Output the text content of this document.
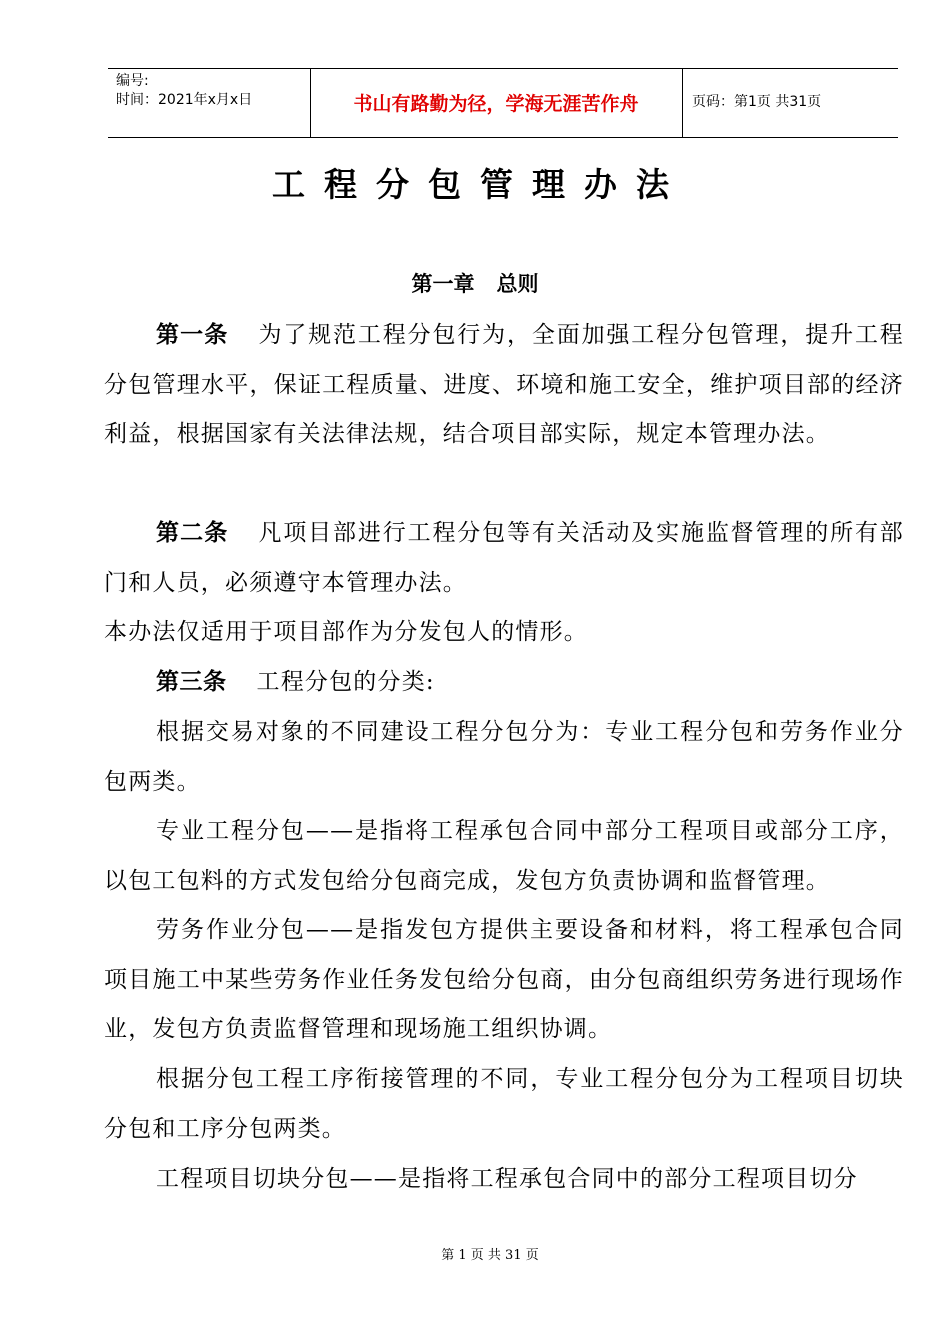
编号:
时间：2021年x月x日	书山有路勤为径，学海无涯苦作舟	页码：第1页 共31页
工程分包管理办法
第一章   总则
第一条 为了规范工程分包行为，全面加强工程分包管理，提升工程分包管理水平，保证工程质量、进度、环境和施工安全，维护项目部的经济利益，根据国家有关法律法规，结合项目部实际，规定本管理办法。
第二条 凡项目部进行工程分包等有关活动及实施监督管理的所有部门和人员，必须遵守本管理办法。
本办法仅适用于项目部作为分发包人的情形。
第三条 工程分包的分类:
根据交易对象的不同建设工程分包分为：专业工程分包和劳务作业分包两类。
专业工程分包——是指将工程承包合同中部分工程项目或部分工序，以包工包料的方式发包给分包商完成，发包方负责协调和监督管理。
劳务作业分包——是指发包方提供主要设备和材料，将工程承包合同项目施工中某些劳务作业任务发包给分包商，由分包商组织劳务进行现场作业，发包方负责监督管理和现场施工组织协调。
根据分包工程工序衔接管理的不同，专业工程分包分为工程项目切块分包和工序分包两类。
工程项目切块分包——是指将工程承包合同中的部分工程项目切分
第 1 页 共 31 页
